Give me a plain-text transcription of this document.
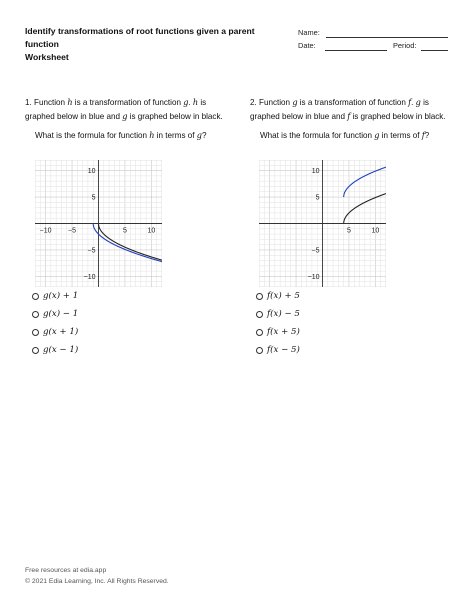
Identify transformations of root functions given a parent
function
Worksheet
Name:
Date:	Period:
1. Function h is a transformation of function g. h is graphed below in blue and g is graphed below in black.
What is the formula for function h in terms of g?
−10 −5	5	10
10
5
−5
−10
g(x) + 1
g(x) − 1
g(x + 1)
g(x − 1)
2. Function g is a transformation of function f. g is graphed below in blue and f is graphed below in black.
What is the formula for function g in terms of f?
5	10
10
5
−5
−10
f(x) + 5
f(x) − 5
f(x + 5)
f(x − 5)
Free resources at edia.app
© 2021 Edia Learning, Inc. All Rights Reserved.
